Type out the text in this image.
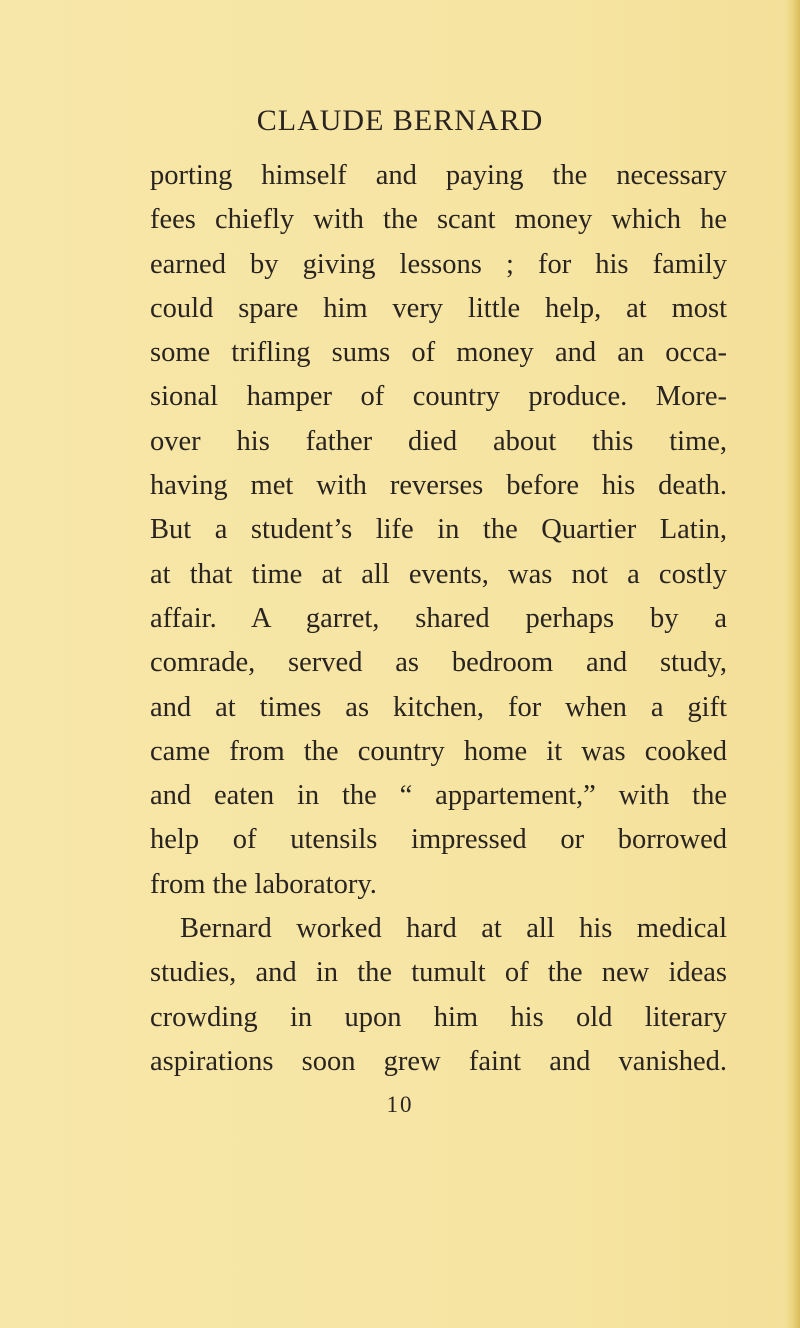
CLAUDE BERNARD
porting himself and paying the necessary
fees chiefly with the scant money which he
earned by giving lessons ; for his family
could spare him very little help, at most
some trifling sums of money and an occa-
sional hamper of country produce. More-
over his father died about this time,
having met with reverses before his death.
But a student’s life in the Quartier Latin,
at that time at all events, was not a costly
affair. A garret, shared perhaps by a
comrade, served as bedroom and study,
and at times as kitchen, for when a gift
came from the country home it was cooked
and eaten in the “ appartement,” with the
help of utensils impressed or borrowed
from the laboratory.
Bernard worked hard at all his medical
studies, and in the tumult of the new ideas
crowding in upon him his old literary
aspirations soon grew faint and vanished.
10
